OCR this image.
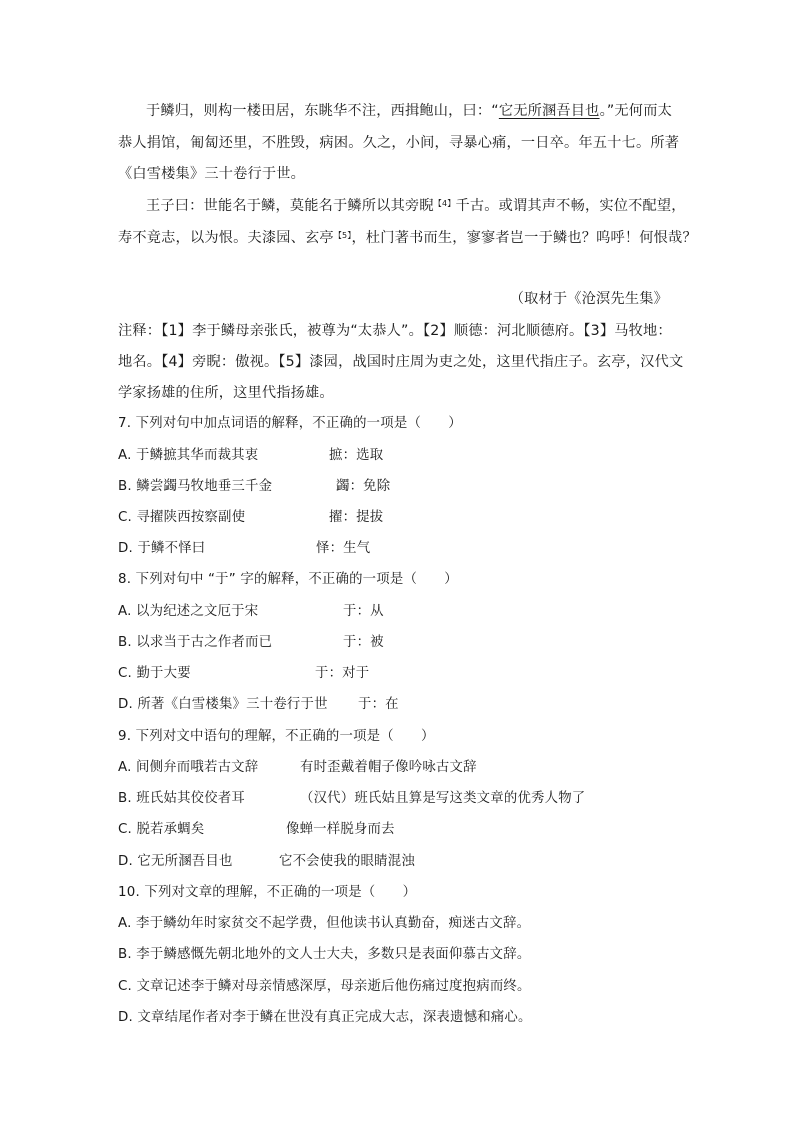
于鳞归，则构一楼田居，东眺华不注，西揖鲍山，曰：“它无所溷吾目也。”无何而太
恭人捐馆，匍匐还里，不胜毁，病困。久之，小间，寻暴心痛，一日卒。年五十七。所著
《白雪楼集》三十卷行于世。
王子曰：世能名于鳞，莫能名于鳞所以其旁睨$^{【4】}$千古。或谓其声不畅，实位不配望，
寿不竟志，以为恨。夫漆园、玄亭$^{【5】}$，杜门著书而生，寥寥者岂一于鳞也？呜呼！何恨哉？
（取材于《沧溟先生集》
注释：【1】李于鳞母亲张氏，被尊为“太恭人”。【2】顺德：河北顺德府。【3】马牧地：
地名。【4】旁睨：傲视。【5】漆园，战国时庄周为吏之处，这里代指庄子。玄亭，汉代文
学家扬雄的住所，这里代指扬雄。
7. 下列对句中加点词语的解释，不正确的一项是（　　）
A. 于鳞摭其华而裁其衷	摭：选取
B. 鳞尝蠲马牧地垂三千金	蠲：免除
C. 寻擢陕西按察副使	擢：提拔
D. 于鳞不怿曰	怿：生气
8. 下列对句中 “于” 字的解释，不正确的一项是（　　）
A. 以为纪述之文厄于宋	于：从
B. 以求当于古之作者而已	于：被
C. 勤于大要	于：对于
D. 所著《白雪楼集》三十卷行于世 于：在
9. 下列对文中语句的理解，不正确的一项是（　　）
A. 间侧弁而哦若古文辞	有时歪戴着帽子像吟咏古文辞
B. 班氏姑其佼佼者耳	（汉代）班氏姑且算是写这类文章的优秀人物了
C. 脱若承蜩矣	像蝉一样脱身而去
D. 它无所溷吾目也	它不会使我的眼睛混浊
10. 下列对文章的理解，不正确的一项是（　　）
A. 李于鳞幼年时家贫交不起学费，但他读书认真勤奋，痴迷古文辞。
B. 李于鳞感慨先朝北地外的文人士大夫，多数只是表面仰慕古文辞。
C. 文章记述李于鳞对母亲情感深厚，母亲逝后他伤痛过度抱病而终。
D. 文章结尾作者对李于鳞在世没有真正完成大志，深表遗憾和痛心。
